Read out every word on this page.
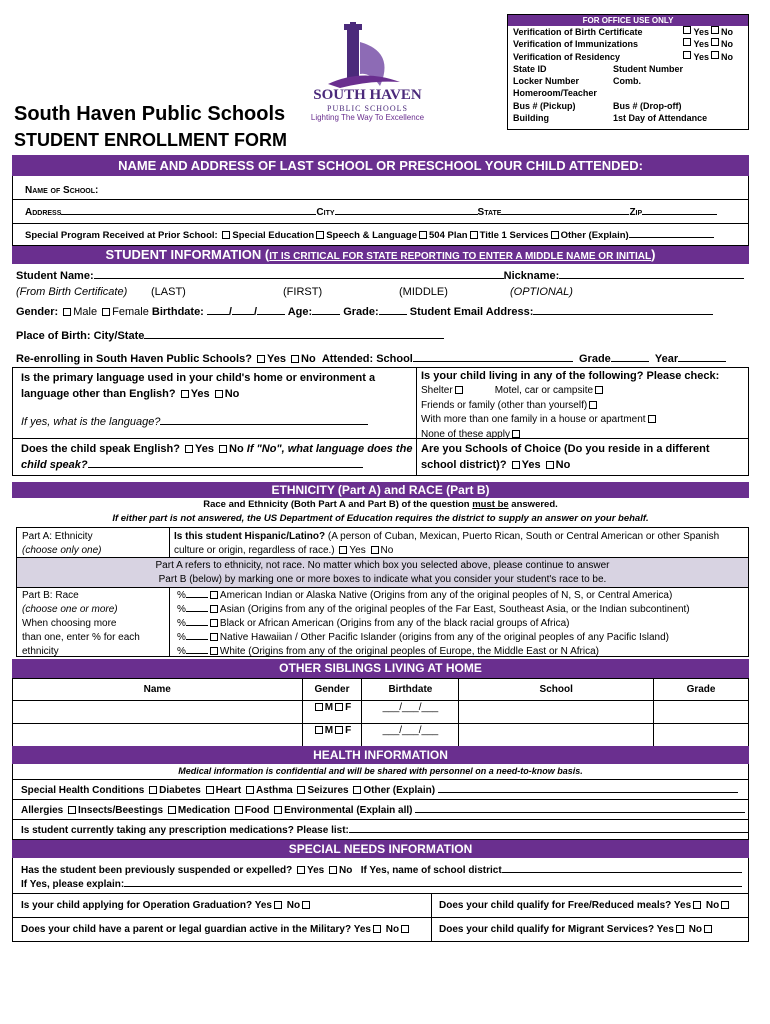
FOR OFFICE USE ONLY
Verification of Birth Certificate	Yes No
Verification of Immunizations	Yes No
Verification of Residency	Yes No
State ID	Student Number
Locker Number	Comb.
Homeroom/Teacher
Bus # (Pickup)	Bus # (Drop-off)
Building	1st Day of Attendance
SOUTH HAVEN
PUBLIC SCHOOLS
Lighting The Way To Excellence
South Haven Public Schools
STUDENT ENROLLMENT FORM
NAME AND ADDRESS OF LAST SCHOOL OR PRESCHOOL YOUR CHILD ATTENDED:
Name of School:
Address	City	State	Zip
Special Program Received at Prior School: Special Education Speech & Language 504 Plan Title 1 Services Other (Explain)
STUDENT INFORMATION (IT IS CRITICAL FOR STATE REPORTING TO ENTER A MIDDLE NAME OR INITIAL)
Student Name:	Nickname:
(From Birth Certificate) (LAST)	(FIRST)	(MIDDLE)	(OPTIONAL)
Gender: Male Female Birthdate: / /	Age:	Grade:	Student Email Address:
Place of Birth: City/State
Re-enrolling in South Haven Public Schools? Yes No Attended: School	Grade	Year
Is the primary language used in your child's home or environment a language other than English? Yes No
If yes, what is the language?
Does the child speak English? Yes No If "No", what language does the child speak?
Is your child living in any of the following? Please check:
Shelter	Motel, car or campsite
Friends or family (other than yourself)
With more than one family in a house or apartment
None of these apply
Are you Schools of Choice (Do you reside in a different school district)? Yes No
ETHNICITY (Part A) and RACE (Part B)
Race and Ethnicity (Both Part A and Part B) of the question must be answered.
If either part is not answered, the US Department of Education requires the district to supply an answer on your behalf.
Part A: Ethnicity
(choose only one)
Is this student Hispanic/Latino? (A person of Cuban, Mexican, Puerto Rican, South or Central American or other Spanish culture or origin, regardless of race.) Yes No
Part A refers to ethnicity, not race. No matter which box you selected above, please continue to answer
Part B (below) by marking one or more boxes to indicate what you consider your student's race to be.
Part B: Race
(choose one or more)
When choosing more
than one, enter % for each
ethnicity
%	American Indian or Alaska Native (Origins from any of the original peoples of N, S, or Central America)
%	Asian (Origins from any of the original peoples of the Far East, Southeast Asia, or the Indian subcontinent)
%	Black or African American (Origins from any of the black racial groups of Africa)
%	Native Hawaiian / Other Pacific Islander (origins from any of the original peoples of any Pacific Island)
%	White (Origins from any of the original peoples of Europe, the Middle East or N Africa)
OTHER SIBLINGS LIVING AT HOME
Name	Gender	Birthdate	School	Grade
	M F	___/___/___		
	M F	___/___/___		
HEALTH INFORMATION
Medical information is confidential and will be shared with personnel on a need-to-know basis.
Special Health Conditions Diabetes Heart Asthma Seizures Other (Explain)
Allergies Insects/Beestings Medication Food Environmental (Explain all)
Is student currently taking any prescription medications? Please list:
SPECIAL NEEDS INFORMATION
Has the student been previously suspended or expelled? Yes No If Yes, name of school district
If Yes, please explain:
Is your child applying for Operation Graduation? Yes No	Does your child qualify for Free/Reduced meals? Yes No
Does your child have a parent or legal guardian active in the Military? Yes No	Does your child qualify for Migrant Services? Yes No
